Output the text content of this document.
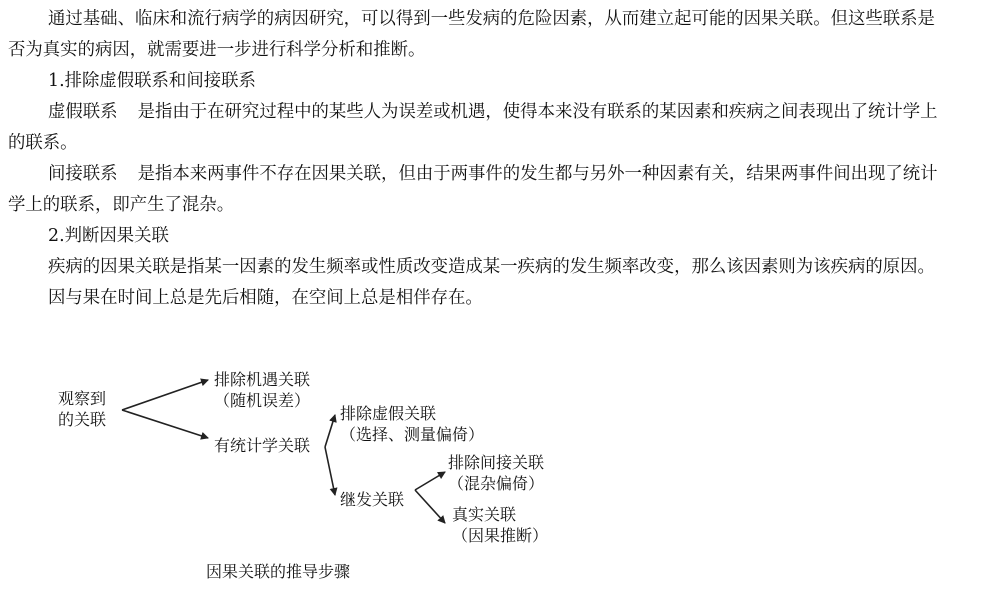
通过基础、临床和流行病学的病因研究，可以得到一些发病的危险因素，从而建立起可能的因果关联。但这些联系是否为真实的病因，就需要进一步进行科学分析和推断。

1.排除虚假联系和间接联系

虚假联系 是指由于在研究过程中的某些人为误差或机遇，使得本来没有联系的某因素和疾病之间表现出了统计学上的联系。

间接联系 是指本来两事件不存在因果关联，但由于两事件的发生都与另外一种因素有关，结果两事件间出现了统计学上的联系，即产生了混杂。

2.判断因果关联

疾病的因果关联是指某一因素的发生频率或性质改变造成某一疾病的发生频率改变，那么该因素则为该疾病的原因。

因与果在时间上总是先后相随，在空间上总是相伴存在。

观察到
的关联
排除机遇关联
（随机误差）
有统计学关联
排除虚假关联
（选择、测量偏倚）
继发关联
排除间接关联
（混杂偏倚）
真实关联
（因果推断）
因果关联的推导步骤
